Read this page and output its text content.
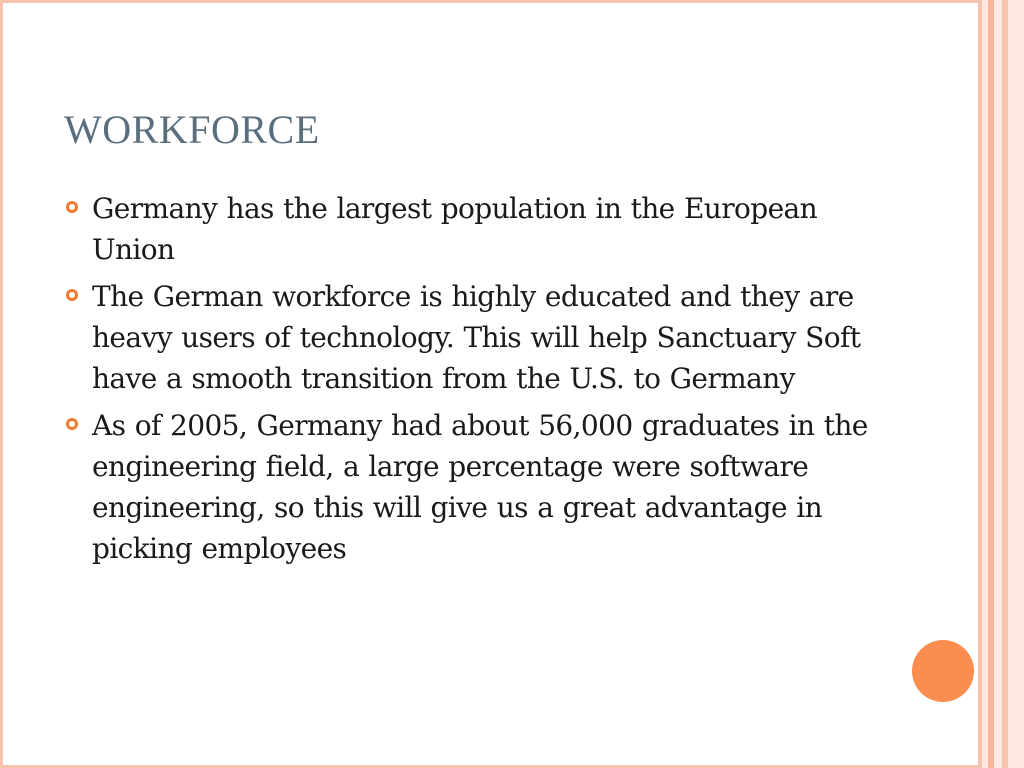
WORKFORCE
Germany has the largest population in the European Union
The German workforce is highly educated and they are heavy users of technology. This will help Sanctuary Soft have a smooth transition from the U.S. to Germany
As of 2005, Germany had about 56,000 graduates in the engineering field, a large percentage were software engineering, so this will give us a great advantage in picking employees
